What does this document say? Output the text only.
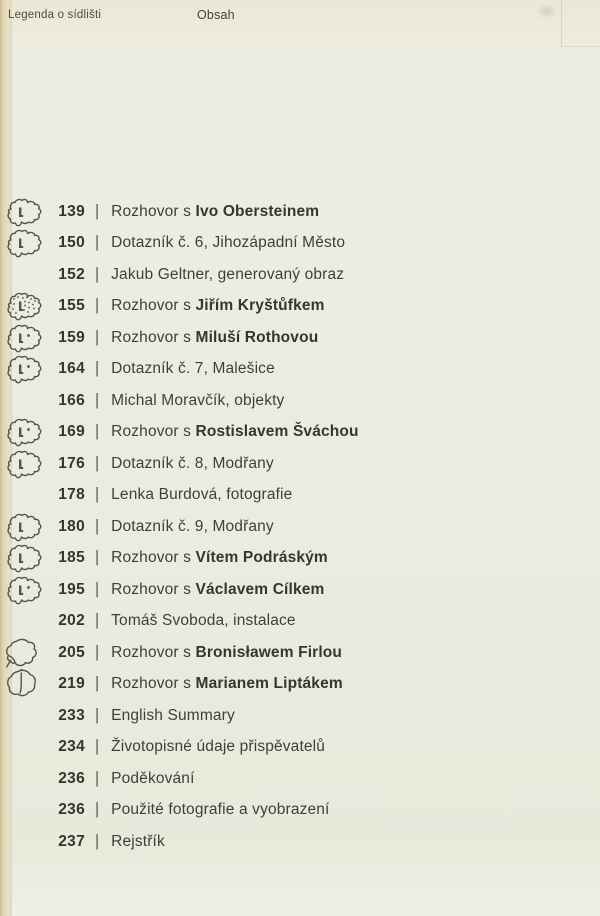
Legenda o sídlišti	Obsah
139 | Rozhovor s Ivo Obersteinem
150 | Dotazník č. 6, Jihozápadní Město
152 | Jakub Geltner, generovaný obraz
155 | Rozhovor s Jiřím Kryštůfkem
159 | Rozhovor s Miluší Rothovou
164 | Dotazník č. 7, Malešice
166 | Michal Moravčík, objekty
169 | Rozhovor s Rostislavem Šváchou
176 | Dotazník č. 8, Modřany
178 | Lenka Burdová, fotografie
180 | Dotazník č. 9, Modřany
185 | Rozhovor s Vítem Podráským
195 | Rozhovor s Václavem Cílkem
202 | Tomáš Svoboda, instalace
205 | Rozhovor s Bronisławem Firlou
219 | Rozhovor s Marianem Liptákem
233 | English Summary
234 | Životopisné údaje přispěvatelů
236 | Poděkování
236 | Použité fotografie a vyobrazení
237 | Rejstřík
